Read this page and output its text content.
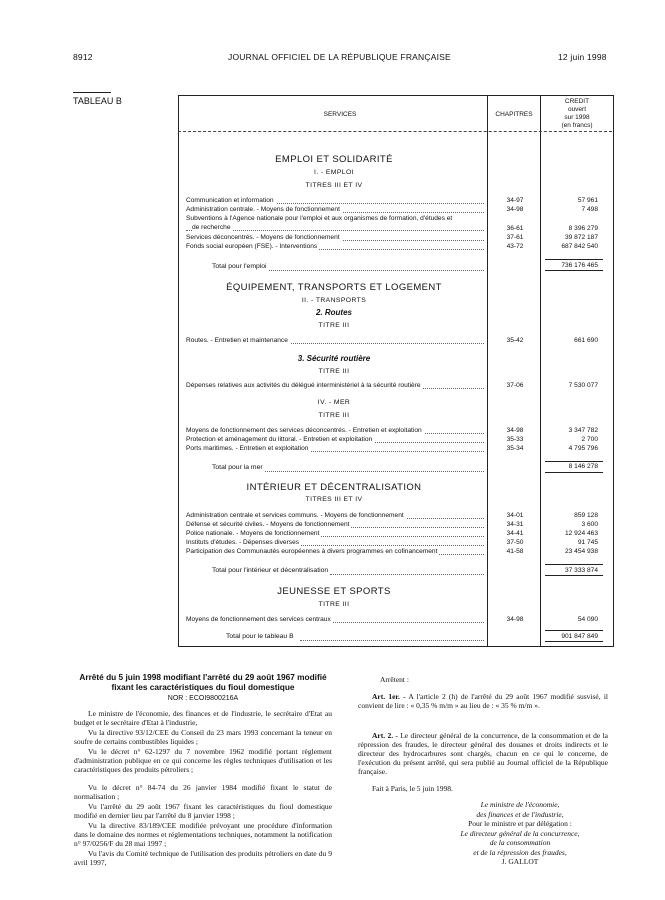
8912	JOURNAL OFFICIEL DE LA RÉPUBLIQUE FRANÇAISE	12 juin 1998
TABLEAU B
SERVICES	CHAPITRES
CREDIT
ouvert
sur 1998
(en francs)
EMPLOI ET SOLIDARITÉ
I. - EMPLOI
TITRES III ET IV
Communication et information	34-97	57 961
Administration centrale. - Moyens de fonctionnement	34-98	7 498
Subventions à l'Agence nationale pour l'emploi et aux organismes de formation, d'études et
de recherche	36-61	8 396 279
Services déconcentrés. - Moyens de fonctionnement	37-61	39 872 187
Fonds social européen (FSE). - Interventions	43-72	687 842 540
Total pour l'emploi	736 176 465
ÉQUIPEMENT, TRANSPORTS ET LOGEMENT
II. - TRANSPORTS
2. Routes
TITRE III
Routes. - Entretien et maintenance	35-42	661 690
3. Sécurité routière
TITRE III
Dépenses relatives aux activités du délégué interministériel à la sécurité routière	37-06	7 530 077
IV. - MER
TITRE III
Moyens de fonctionnement des services déconcentrés. - Entretien et exploitation	34-98	3 347 782
Protection et aménagement du littoral. - Entretien et exploitation	35-33	2 700
Ports maritimes. - Entretien et exploitation	35-34	4 795 796
Total pour la mer	8 146 278
INTÉRIEUR ET DÉCENTRALISATION
TITRES III ET IV
Administration centrale et services communs. - Moyens de fonctionnement	34-01	859 128
Défense et sécurité civiles. - Moyens de fonctionnement	34-31	3 600
Police nationale. - Moyens de fonctionnement	34-41	12 924 463
Instituts d'études. - Dépenses diverses	37-50	91 745
Participation des Communautés européennes à divers programmes en cofinancement	41-58	23 454 938
Total pour l'intérieur et décentralisation	37 333 874
JEUNESSE ET SPORTS
TITRE III
Moyens de fonctionnement des services centraux	34-98	54 090
Total pour le tableau B	901 847 849
Arrêté du 5 juin 1998 modifiant l'arrêté du 29 août 1967 modifié fixant les caractéristiques du fioul domestique
NOR : ECOI9800216A
Le ministre de l'économie, des finances et de l'industrie, le secrétaire d'Etat au budget et le secrétaire d'Etat à l'industrie,
Vu la directive 93/12/CEE du Conseil du 23 mars 1993 concernant la teneur en soufre de certains combustibles liquides ;
Vu le décret n° 62-1297 du 7 novembre 1962 modifié portant règlement d'administration publique en ce qui concerne les règles techniques d'utilisation et les caractéristiques des produits pétroliers ;
Vu le décret n° 84-74 du 26 janvier 1984 modifié fixant le statut de normalisation ;
Vu l'arrêté du 29 août 1967 fixant les caractéristiques du fioul domestique modifié en dernier lieu par l'arrêté du 8 janvier 1998 ;
Vu la directive 83/189/CEE modifiée prévoyant une procédure d'information dans le domaine des normes et réglementations techniques, notamment la notification n° 97/0256/F du 28 mai 1997 ;
Vu l'avis du Comité technique de l'utilisation des produits pétroliers en date du 9 avril 1997,
Arrêtent :
Art. 1er. - A l'article 2 (h) de l'arrêté du 29 août 1967 modifié susvisé, il convient de lire : « 0,35 % m/m » au lieu de : « 35 % m/m ».
Art. 2. - Le directeur général de la concurrence, de la consommation et de la répression des fraudes, le directeur général des douanes et droits indirects et le directeur des hydrocarbures sont chargés, chacun en ce qui le concerne, de l'exécution du présent arrêté, qui sera publié au Journal officiel de la République française.
Fait à Paris, le 5 juin 1998.
Le ministre de l'économie,
des finances et de l'industrie,
Pour le ministre et par délégation :
Le directeur général de la concurrence,
de la consommation
et de la répression des fraudes,
J. GALLOT
